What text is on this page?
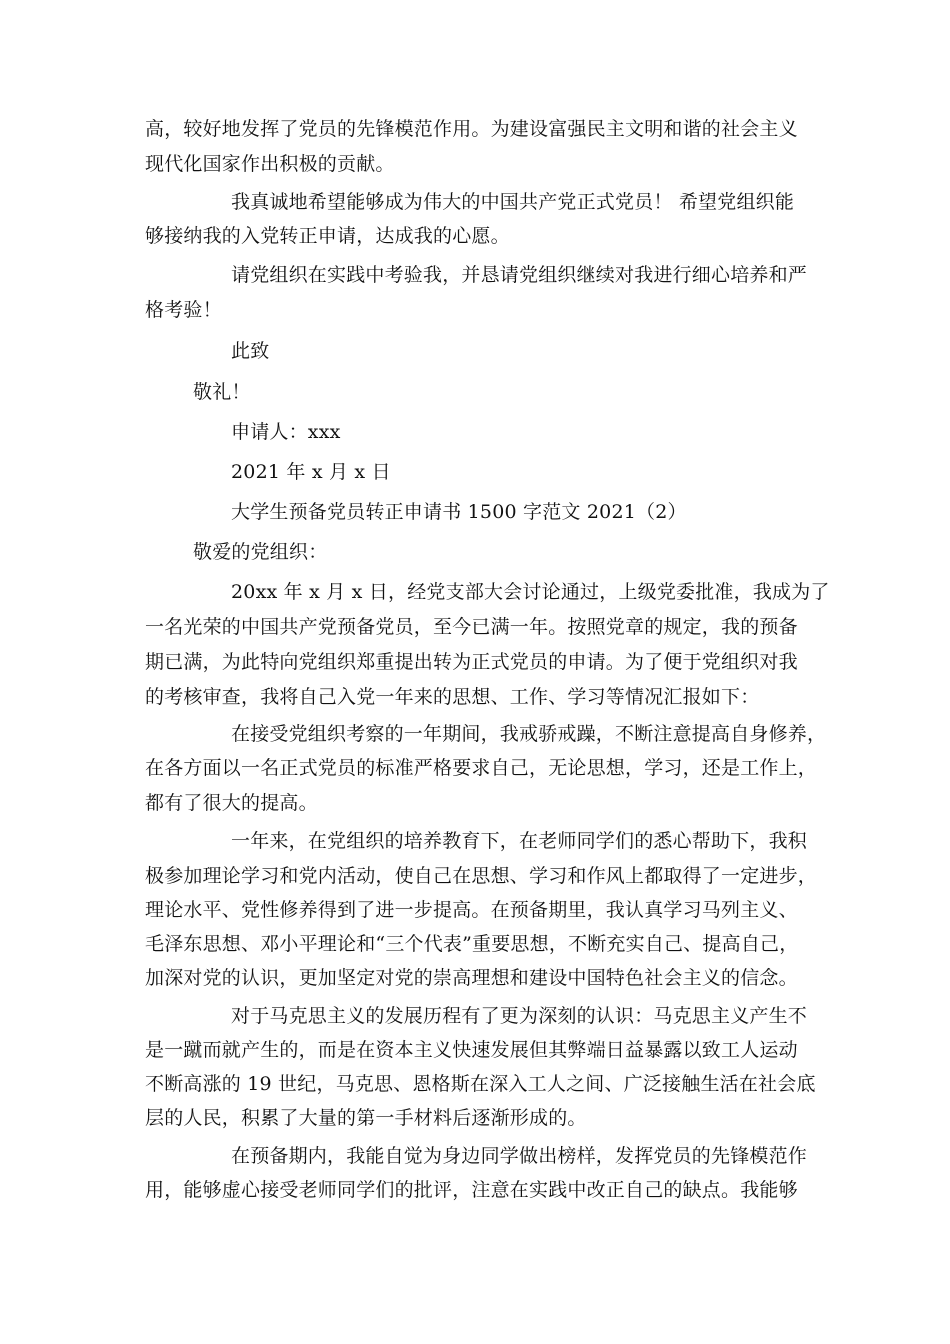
高，较好地发挥了党员的先锋模范作用。为建设富强民主文明和谐的社会主义
现代化国家作出积极的贡献。
我真诚地希望能够成为伟大的中国共产党正式党员！ 希望党组织能
够接纳我的入党转正申请，达成我的心愿。
请党组织在实践中考验我，并恳请党组织继续对我进行细心培养和严
格考验！
此致
敬礼！
申请人：xxx
2021 年 x 月 x 日
大学生预备党员转正申请书 1500 字范文 2021（2）
敬爱的党组织：
20xx 年 x 月 x 日，经党支部大会讨论通过，上级党委批准，我成为了
一名光荣的中国共产党预备党员，至今已满一年。按照党章的规定，我的预备
期已满，为此特向党组织郑重提出转为正式党员的申请。为了便于党组织对我
的考核审查，我将自己入党一年来的思想、工作、学习等情况汇报如下：
在接受党组织考察的一年期间，我戒骄戒躁，不断注意提高自身修养，
在各方面以一名正式党员的标准严格要求自己，无论思想，学习，还是工作上，
都有了很大的提高。
一年来，在党组织的培养教育下，在老师同学们的悉心帮助下，我积
极参加理论学习和党内活动，使自己在思想、学习和作风上都取得了一定进步，
理论水平、党性修养得到了进一步提高。在预备期里，我认真学习马列主义、
毛泽东思想、邓小平理论和“三个代表”重要思想，不断充实自己、提高自己，
加深对党的认识，更加坚定对党的崇高理想和建设中国特色社会主义的信念。
对于马克思主义的发展历程有了更为深刻的认识：马克思主义产生不
是一蹴而就产生的，而是在资本主义快速发展但其弊端日益暴露以致工人运动
不断高涨的 19 世纪，马克思、恩格斯在深入工人之间、广泛接触生活在社会底
层的人民，积累了大量的第一手材料后逐渐形成的。
在预备期内，我能自觉为身边同学做出榜样，发挥党员的先锋模范作
用，能够虚心接受老师同学们的批评，注意在实践中改正自己的缺点。我能够
